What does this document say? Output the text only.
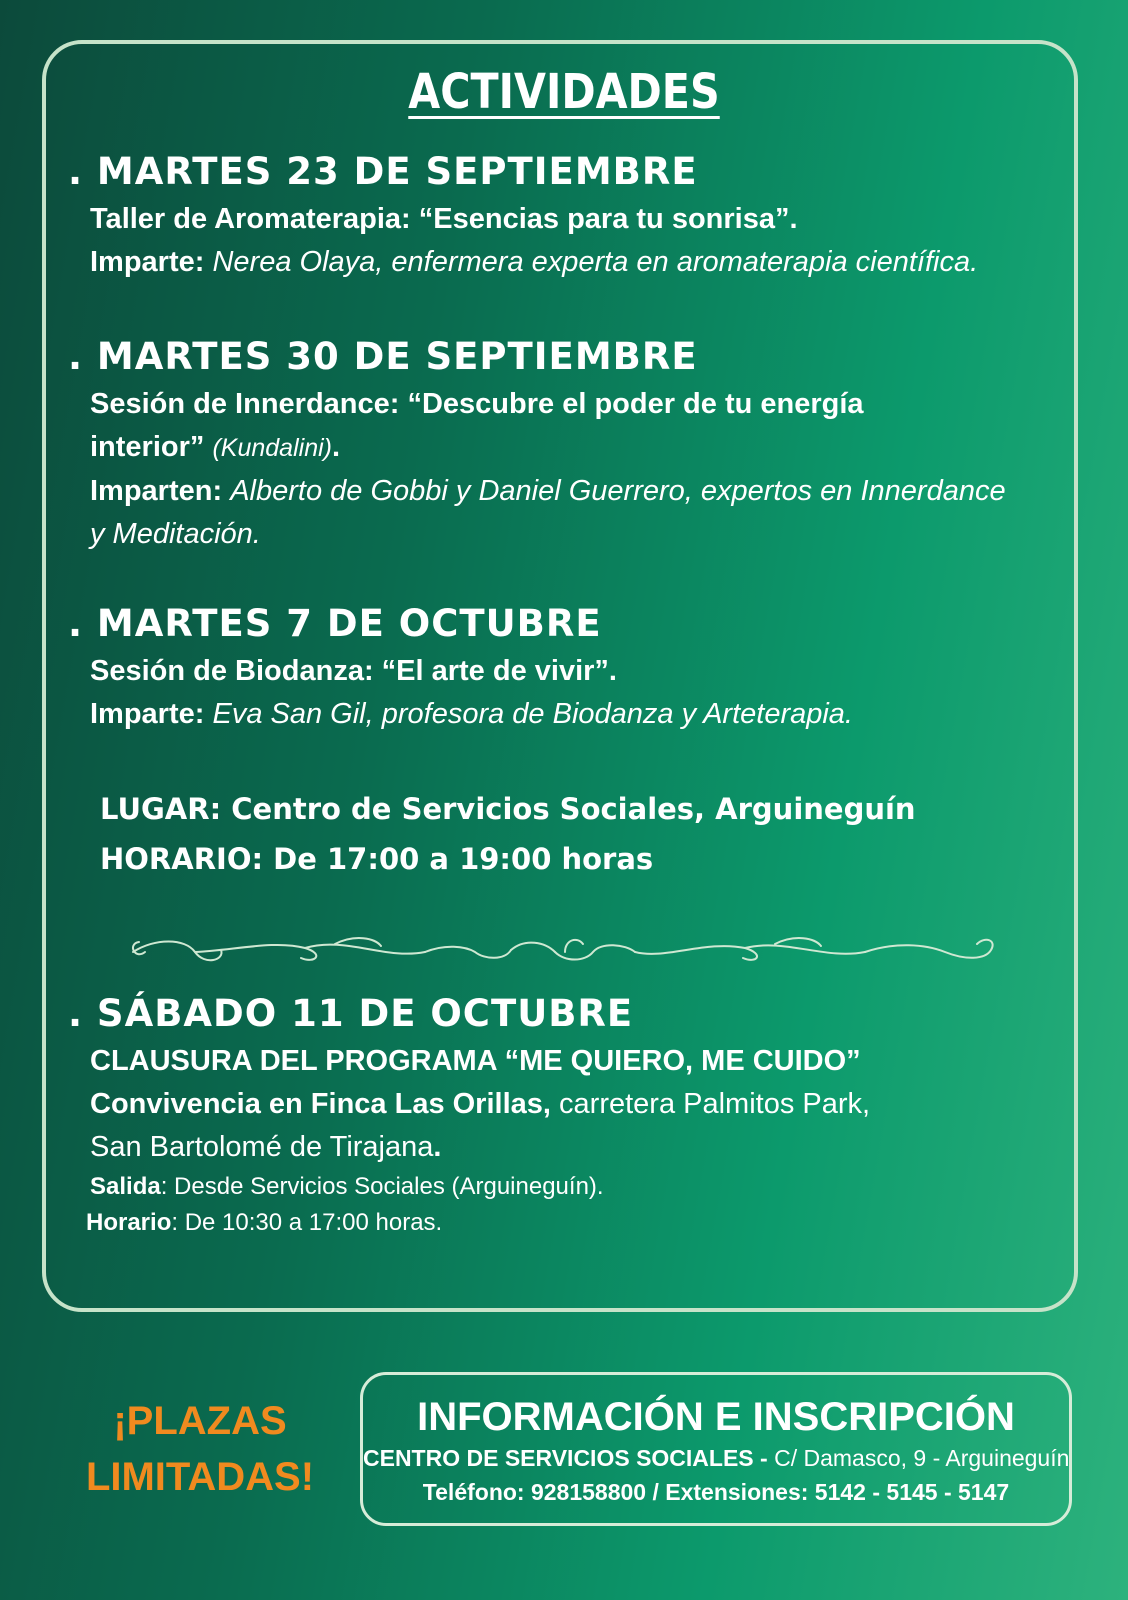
ACTIVIDADES
. MARTES 23 DE SEPTIEMBRE
Taller de Aromaterapia: “Esencias para tu sonrisa”.
Imparte: Nerea Olaya, enfermera experta en aromaterapia científica.
. MARTES 30 DE SEPTIEMBRE
Sesión de Innerdance: “Descubre el poder de tu energía
interior” (Kundalini).
Imparten: Alberto de Gobbi y Daniel Guerrero, expertos en Innerdance
y Meditación.
. MARTES 7 DE OCTUBRE
Sesión de Biodanza: “El arte de vivir”.
Imparte: Eva San Gil, profesora de Biodanza y Arteterapia.
LUGAR: Centro de Servicios Sociales, Arguineguín
HORARIO: De 17:00 a 19:00 horas
. SÁBADO 11 DE OCTUBRE
CLAUSURA DEL PROGRAMA “ME QUIERO, ME CUIDO”
Convivencia en Finca Las Orillas, carretera Palmitos Park,
San Bartolomé de Tirajana.
Salida: Desde Servicios Sociales (Arguineguín).
Horario: De 10:30 a 17:00 horas.
¡PLAZAS
LIMITADAS!
INFORMACIÓN E INSCRIPCIÓN
CENTRO DE SERVICIOS SOCIALES - C/ Damasco, 9 - Arguineguín
Teléfono: 928158800 / Extensiones: 5142 - 5145 - 5147
